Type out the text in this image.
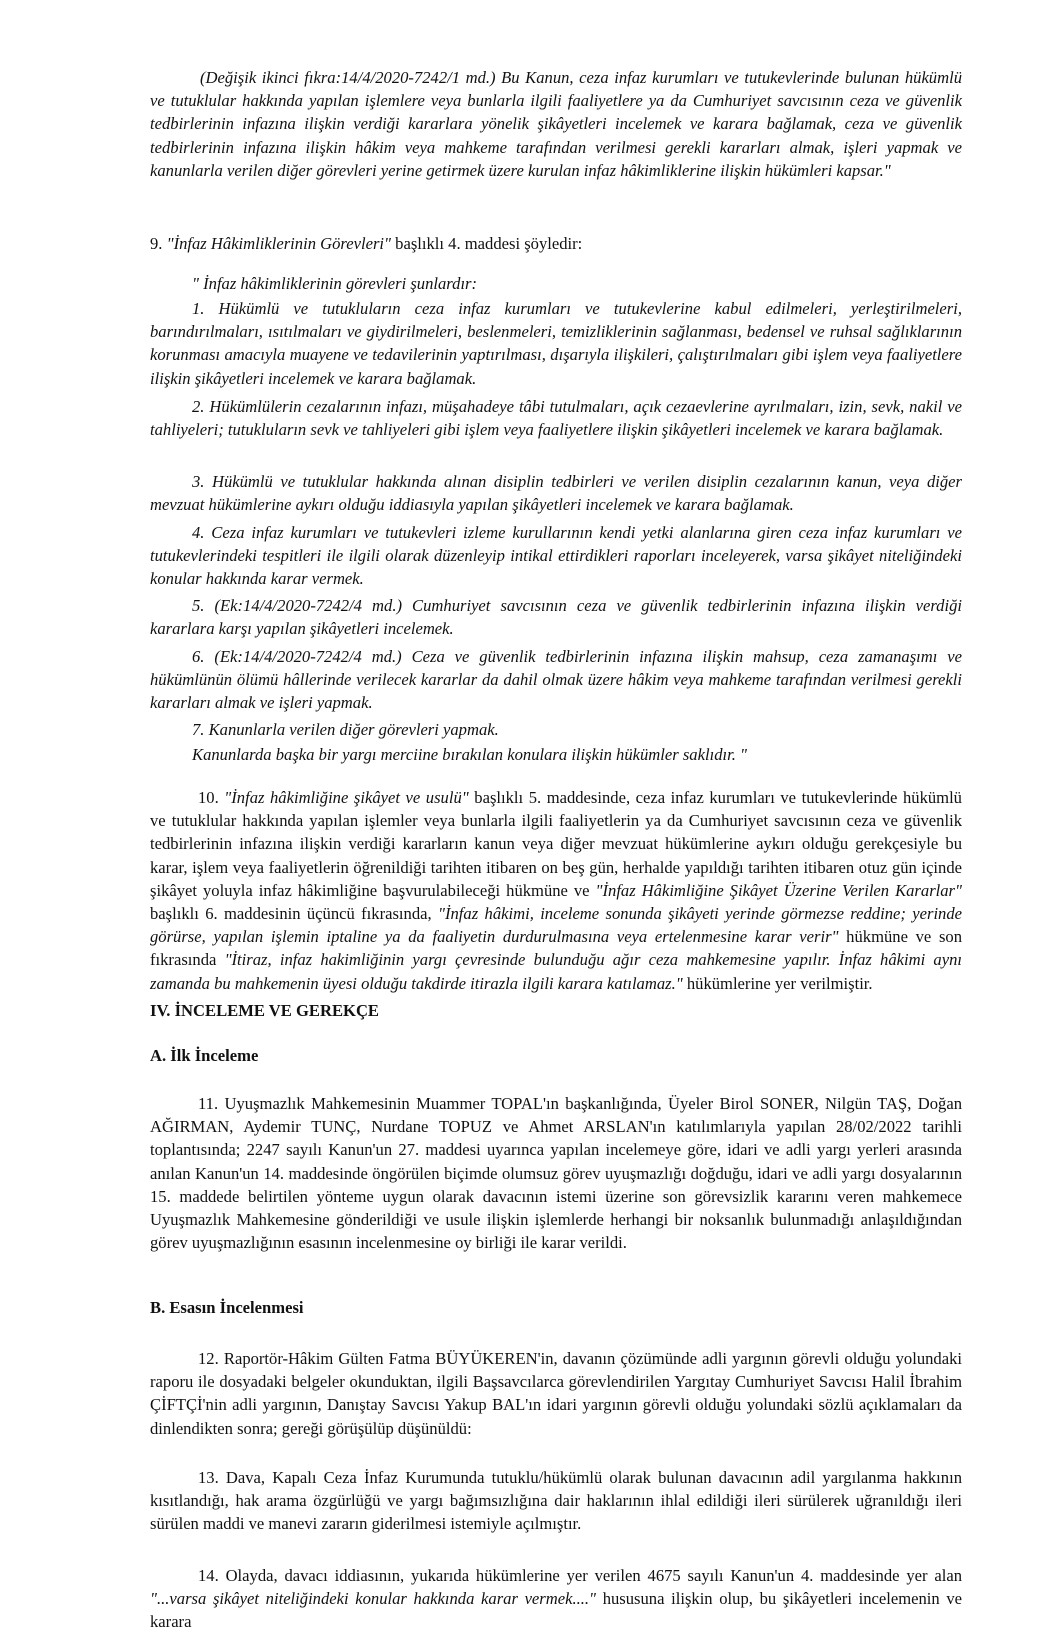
(Değişik ikinci fıkra:14/4/2020-7242/1 md.) Bu Kanun, ceza infaz kurumları ve tutukevlerinde bulunan hükümlü ve tutuklular hakkında yapılan işlemlere veya bunlarla ilgili faaliyetlere ya da Cumhuriyet savcısının ceza ve güvenlik tedbirlerinin infazına ilişkin verdiği kararlara yönelik şikâyetleri incelemek ve karara bağlamak, ceza ve güvenlik tedbirlerinin infazına ilişkin hâkim veya mahkeme tarafından verilmesi gerekli kararları almak, işleri yapmak ve kanunlarla verilen diğer görevleri yerine getirmek üzere kurulan infaz hâkimliklerine ilişkin hükümleri kapsar."
9. "İnfaz Hâkimliklerinin Görevleri" başlıklı 4. maddesi şöyledir:
" İnfaz hâkimliklerinin görevleri şunlardır:
1. Hükümlü ve tutukluların ceza infaz kurumları ve tutukevlerine kabul edilmeleri, yerleştirilmeleri, barındırılmaları, ısıtılmaları ve giydirilmeleri, beslenmeleri, temizliklerinin sağlanması, bedensel ve ruhsal sağlıklarının korunması amacıyla muayene ve tedavilerinin yaptırılması, dışarıyla ilişkileri, çalıştırılmaları gibi işlem veya faaliyetlere ilişkin şikâyetleri incelemek ve karara bağlamak.
2. Hükümlülerin cezalarının infazı, müşahadeye tâbi tutulmaları, açık cezaevlerine ayrılmaları, izin, sevk, nakil ve tahliyeleri; tutukluların sevk ve tahliyeleri gibi işlem veya faaliyetlere ilişkin şikâyetleri incelemek ve karara bağlamak.
3. Hükümlü ve tutuklular hakkında alınan disiplin tedbirleri ve verilen disiplin cezalarının kanun, veya diğer mevzuat hükümlerine aykırı olduğu iddiasıyla yapılan şikâyetleri incelemek ve karara bağlamak.
4. Ceza infaz kurumları ve tutukevleri izleme kurullarının kendi yetki alanlarına giren ceza infaz kurumları ve tutukevlerindeki tespitleri ile ilgili olarak düzenleyip intikal ettirdikleri raporları inceleyerek, varsa şikâyet niteliğindeki konular hakkında karar vermek.
5. (Ek:14/4/2020-7242/4 md.) Cumhuriyet savcısının ceza ve güvenlik tedbirlerinin infazına ilişkin verdiği kararlara karşı yapılan şikâyetleri incelemek.
6. (Ek:14/4/2020-7242/4 md.) Ceza ve güvenlik tedbirlerinin infazına ilişkin mahsup, ceza zamanaşımı ve hükümlünün ölümü hâllerinde verilecek kararlar da dahil olmak üzere hâkim veya mahkeme tarafından verilmesi gerekli kararları almak ve işleri yapmak.
7. Kanunlarla verilen diğer görevleri yapmak.
Kanunlarda başka bir yargı merciine bırakılan konulara ilişkin hükümler saklıdır. "
10. "İnfaz hâkimliğine şikâyet ve usulü" başlıklı 5. maddesinde, ceza infaz kurumları ve tutukevlerinde hükümlü ve tutuklular hakkında yapılan işlemler veya bunlarla ilgili faaliyetlerin ya da Cumhuriyet savcısının ceza ve güvenlik tedbirlerinin infazına ilişkin verdiği kararların kanun veya diğer mevzuat hükümlerine aykırı olduğu gerekçesiyle bu karar, işlem veya faaliyetlerin öğrenildiği tarihten itibaren on beş gün, herhalde yapıldığı tarihten itibaren otuz gün içinde şikâyet yoluyla infaz hâkimliğine başvurulabileceği hükmüne ve "İnfaz Hâkimliğine Şikâyet Üzerine Verilen Kararlar" başlıklı 6. maddesinin üçüncü fıkrasında, "İnfaz hâkimi, inceleme sonunda şikâyeti yerinde görmezse reddine; yerinde görürse, yapılan işlemin iptaline ya da faaliyetin durdurulmasına veya ertelenmesine karar verir" hükmüne ve son fıkrasında "İtiraz, infaz hakimliğinin yargı çevresinde bulunduğu ağır ceza mahkemesine yapılır. İnfaz hâkimi aynı zamanda bu mahkemenin üyesi olduğu takdirde itirazla ilgili karara katılamaz." hükümlerine yer verilmiştir.
IV. İNCELEME VE GEREKÇE
A. İlk İnceleme
11. Uyuşmazlık Mahkemesinin Muammer TOPAL'ın başkanlığında, Üyeler Birol SONER, Nilgün TAŞ, Doğan AĞIRMAN, Aydemir TUNÇ, Nurdane TOPUZ ve Ahmet ARSLAN'ın katılımlarıyla yapılan 28/02/2022 tarihli toplantısında; 2247 sayılı Kanun'un 27. maddesi uyarınca yapılan incelemeye göre, idari ve adli yargı yerleri arasında anılan Kanun'un 14. maddesinde öngörülen biçimde olumsuz görev uyuşmazlığı doğduğu, idari ve adli yargı dosyalarının 15. maddede belirtilen yönteme uygun olarak davacının istemi üzerine son görevsizlik kararını veren mahkemece Uyuşmazlık Mahkemesine gönderildiği ve usule ilişkin işlemlerde herhangi bir noksanlık bulunmadığı anlaşıldığından görev uyuşmazlığının esasının incelenmesine oy birliği ile karar verildi.
B. Esasın İncelenmesi
12. Raportör-Hâkim Gülten Fatma BÜYÜKEREN'in, davanın çözümünde adli yargının görevli olduğu yolundaki raporu ile dosyadaki belgeler okunduktan, ilgili Başsavcılarca görevlendirilen Yargıtay Cumhuriyet Savcısı Halil İbrahim ÇİFTÇİ'nin adli yargının, Danıştay Savcısı Yakup BAL'ın idari yargının görevli olduğu yolundaki sözlü açıklamaları da dinlendikten sonra; gereği görüşülüp düşünüldü:
13. Dava, Kapalı Ceza İnfaz Kurumunda tutuklu/hükümlü olarak bulunan davacının adil yargılanma hakkının kısıtlandığı, hak arama özgürlüğü ve yargı bağımsızlığına dair haklarının ihlal edildiği ileri sürülerek uğranıldığı ileri sürülen maddi ve manevi zararın giderilmesi istemiyle açılmıştır.
14. Olayda, davacı iddiasının, yukarıda hükümlerine yer verilen 4675 sayılı Kanun'un 4. maddesinde yer alan "...varsa şikâyet niteliğindeki konular hakkında karar vermek...." hususuna ilişkin olup, bu şikâyetleri incelemenin ve karara
